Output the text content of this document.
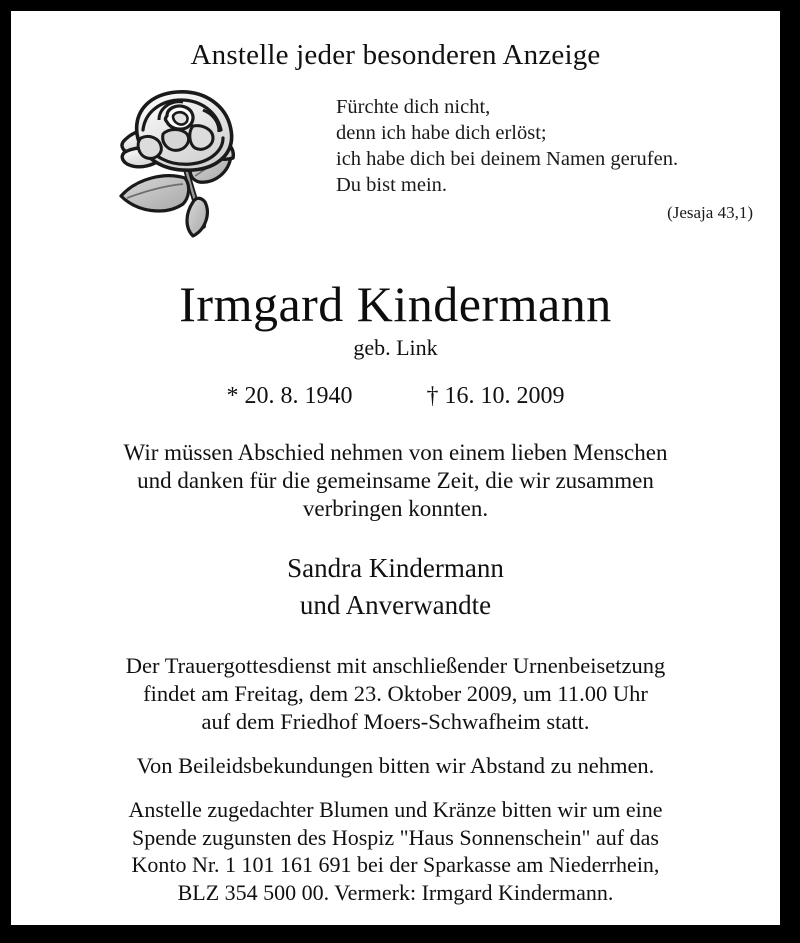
Anstelle jeder besonderen Anzeige
Fürchte dich nicht,
denn ich habe dich erlöst;
ich habe dich bei deinem Namen gerufen.
Du bist mein.
(Jesaja 43,1)
Irmgard Kindermann
geb. Link
* 20. 8. 1940	† 16. 10. 2009
Wir müssen Abschied nehmen von einem lieben Menschen
und danken für die gemeinsame Zeit, die wir zusammen
verbringen konnten.
Sandra Kindermann
und Anverwandte
Der Trauergottesdienst mit anschließender Urnenbeisetzung
findet am Freitag, dem 23. Oktober 2009, um 11.00 Uhr
auf dem Friedhof Moers-Schwafheim statt.
Von Beileidsbekundungen bitten wir Abstand zu nehmen.
Anstelle zugedachter Blumen und Kränze bitten wir um eine
Spende zugunsten des Hospiz "Haus Sonnenschein" auf das
Konto Nr. 1 101 161 691 bei der Sparkasse am Niederrhein,
BLZ 354 500 00. Vermerk: Irmgard Kindermann.
